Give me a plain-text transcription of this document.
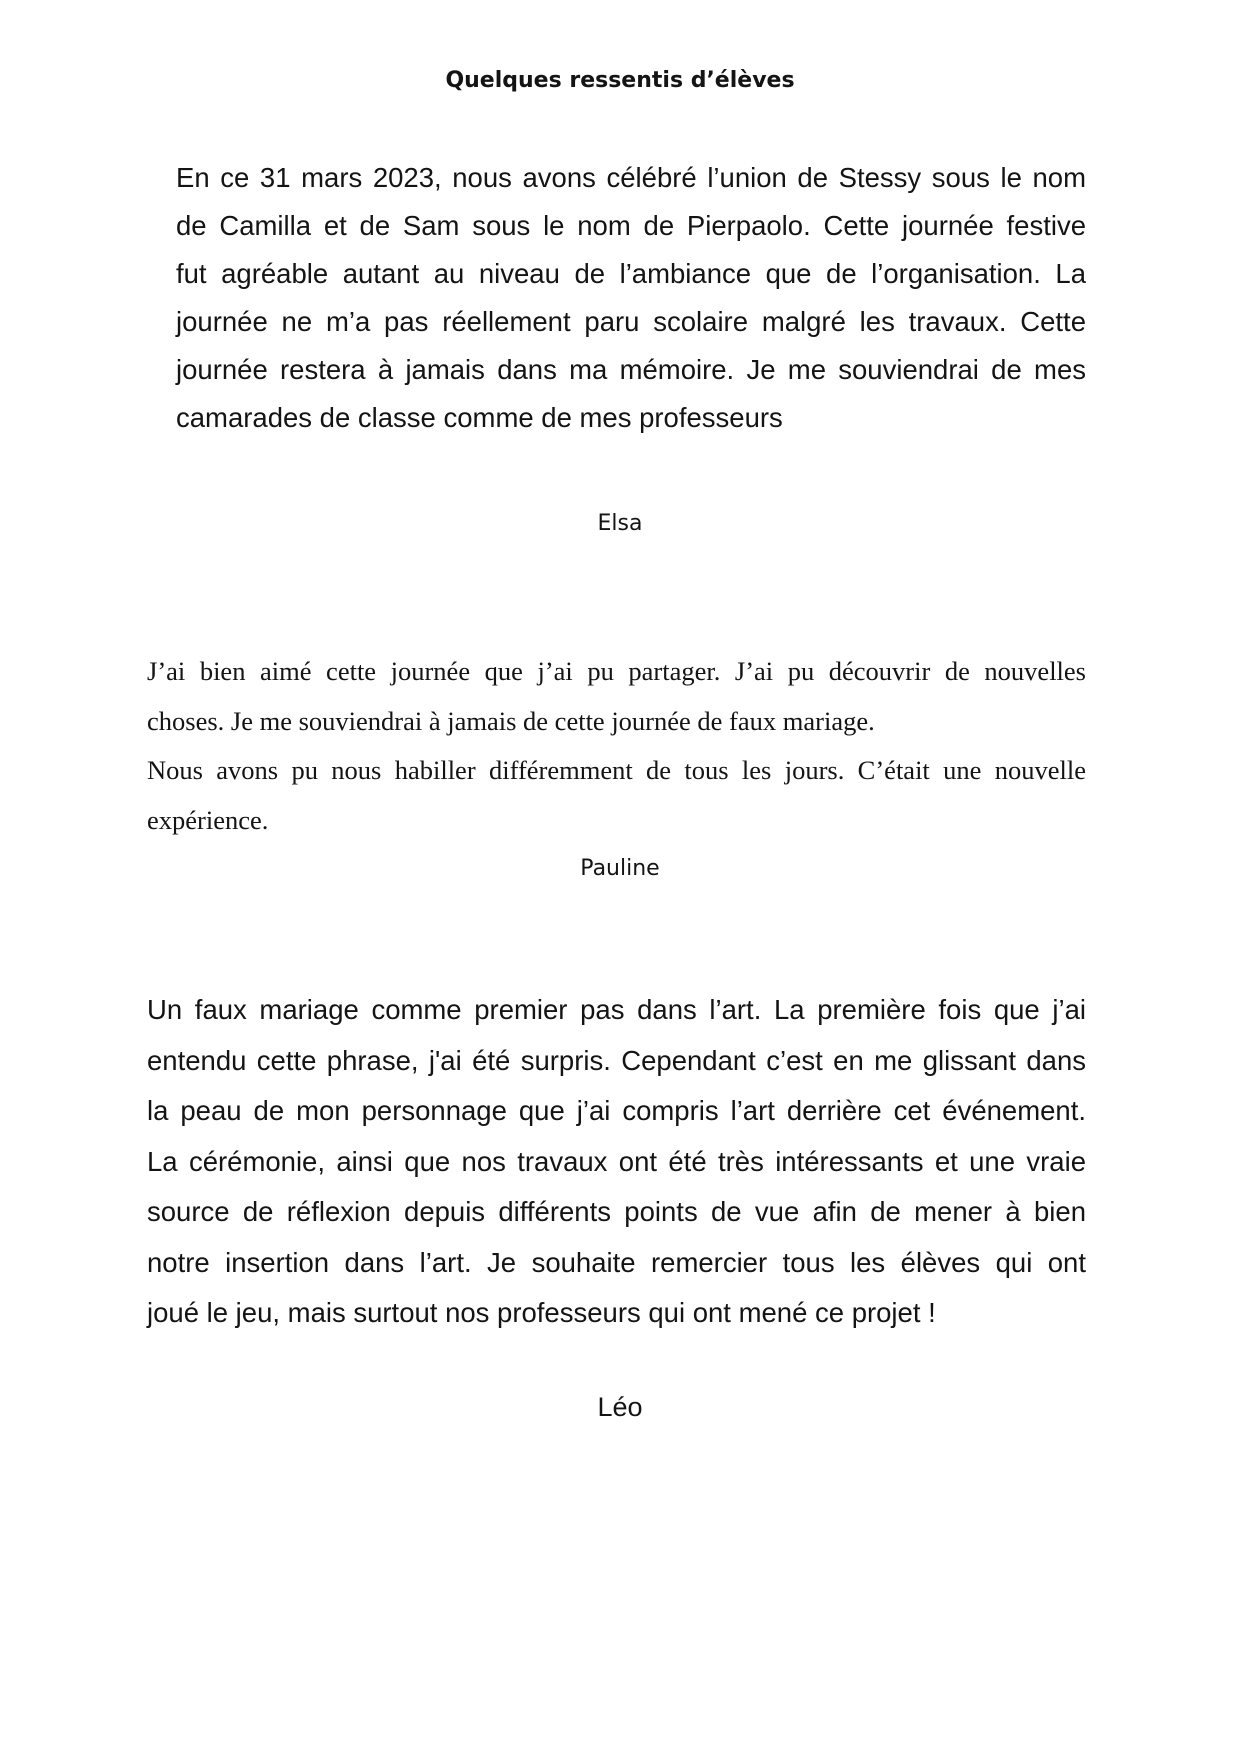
Quelques ressentis d’élèves
En ce 31 mars 2023, nous avons célébré l’union de Stessy sous le nom
de Camilla et de Sam sous le nom de Pierpaolo. Cette journée festive
fut agréable autant au niveau de l’ambiance que de l’organisation. La
journée ne m’a pas réellement paru scolaire malgré les travaux. Cette
journée restera à jamais dans ma mémoire. Je me souviendrai de mes
camarades de classe comme de mes professeurs
Elsa
J’ai bien aimé cette journée que j’ai pu partager. J’ai pu découvrir de nouvelles
choses. Je me souviendrai à jamais de cette journée de faux mariage.
Nous avons pu nous habiller différemment de tous les jours. C’était une nouvelle
expérience.
Pauline
Un faux mariage comme premier pas dans l’art. La première fois que j’ai
entendu cette phrase, j'ai été surpris. Cependant c’est en me glissant dans
la peau de mon personnage que j’ai compris l’art derrière cet événement.
La cérémonie, ainsi que nos travaux ont été très intéressants et une vraie
source de réflexion depuis différents points de vue afin de mener à bien
notre insertion dans l’art. Je souhaite remercier tous les élèves qui ont
joué le jeu, mais surtout nos professeurs qui ont mené ce projet !
Léo
